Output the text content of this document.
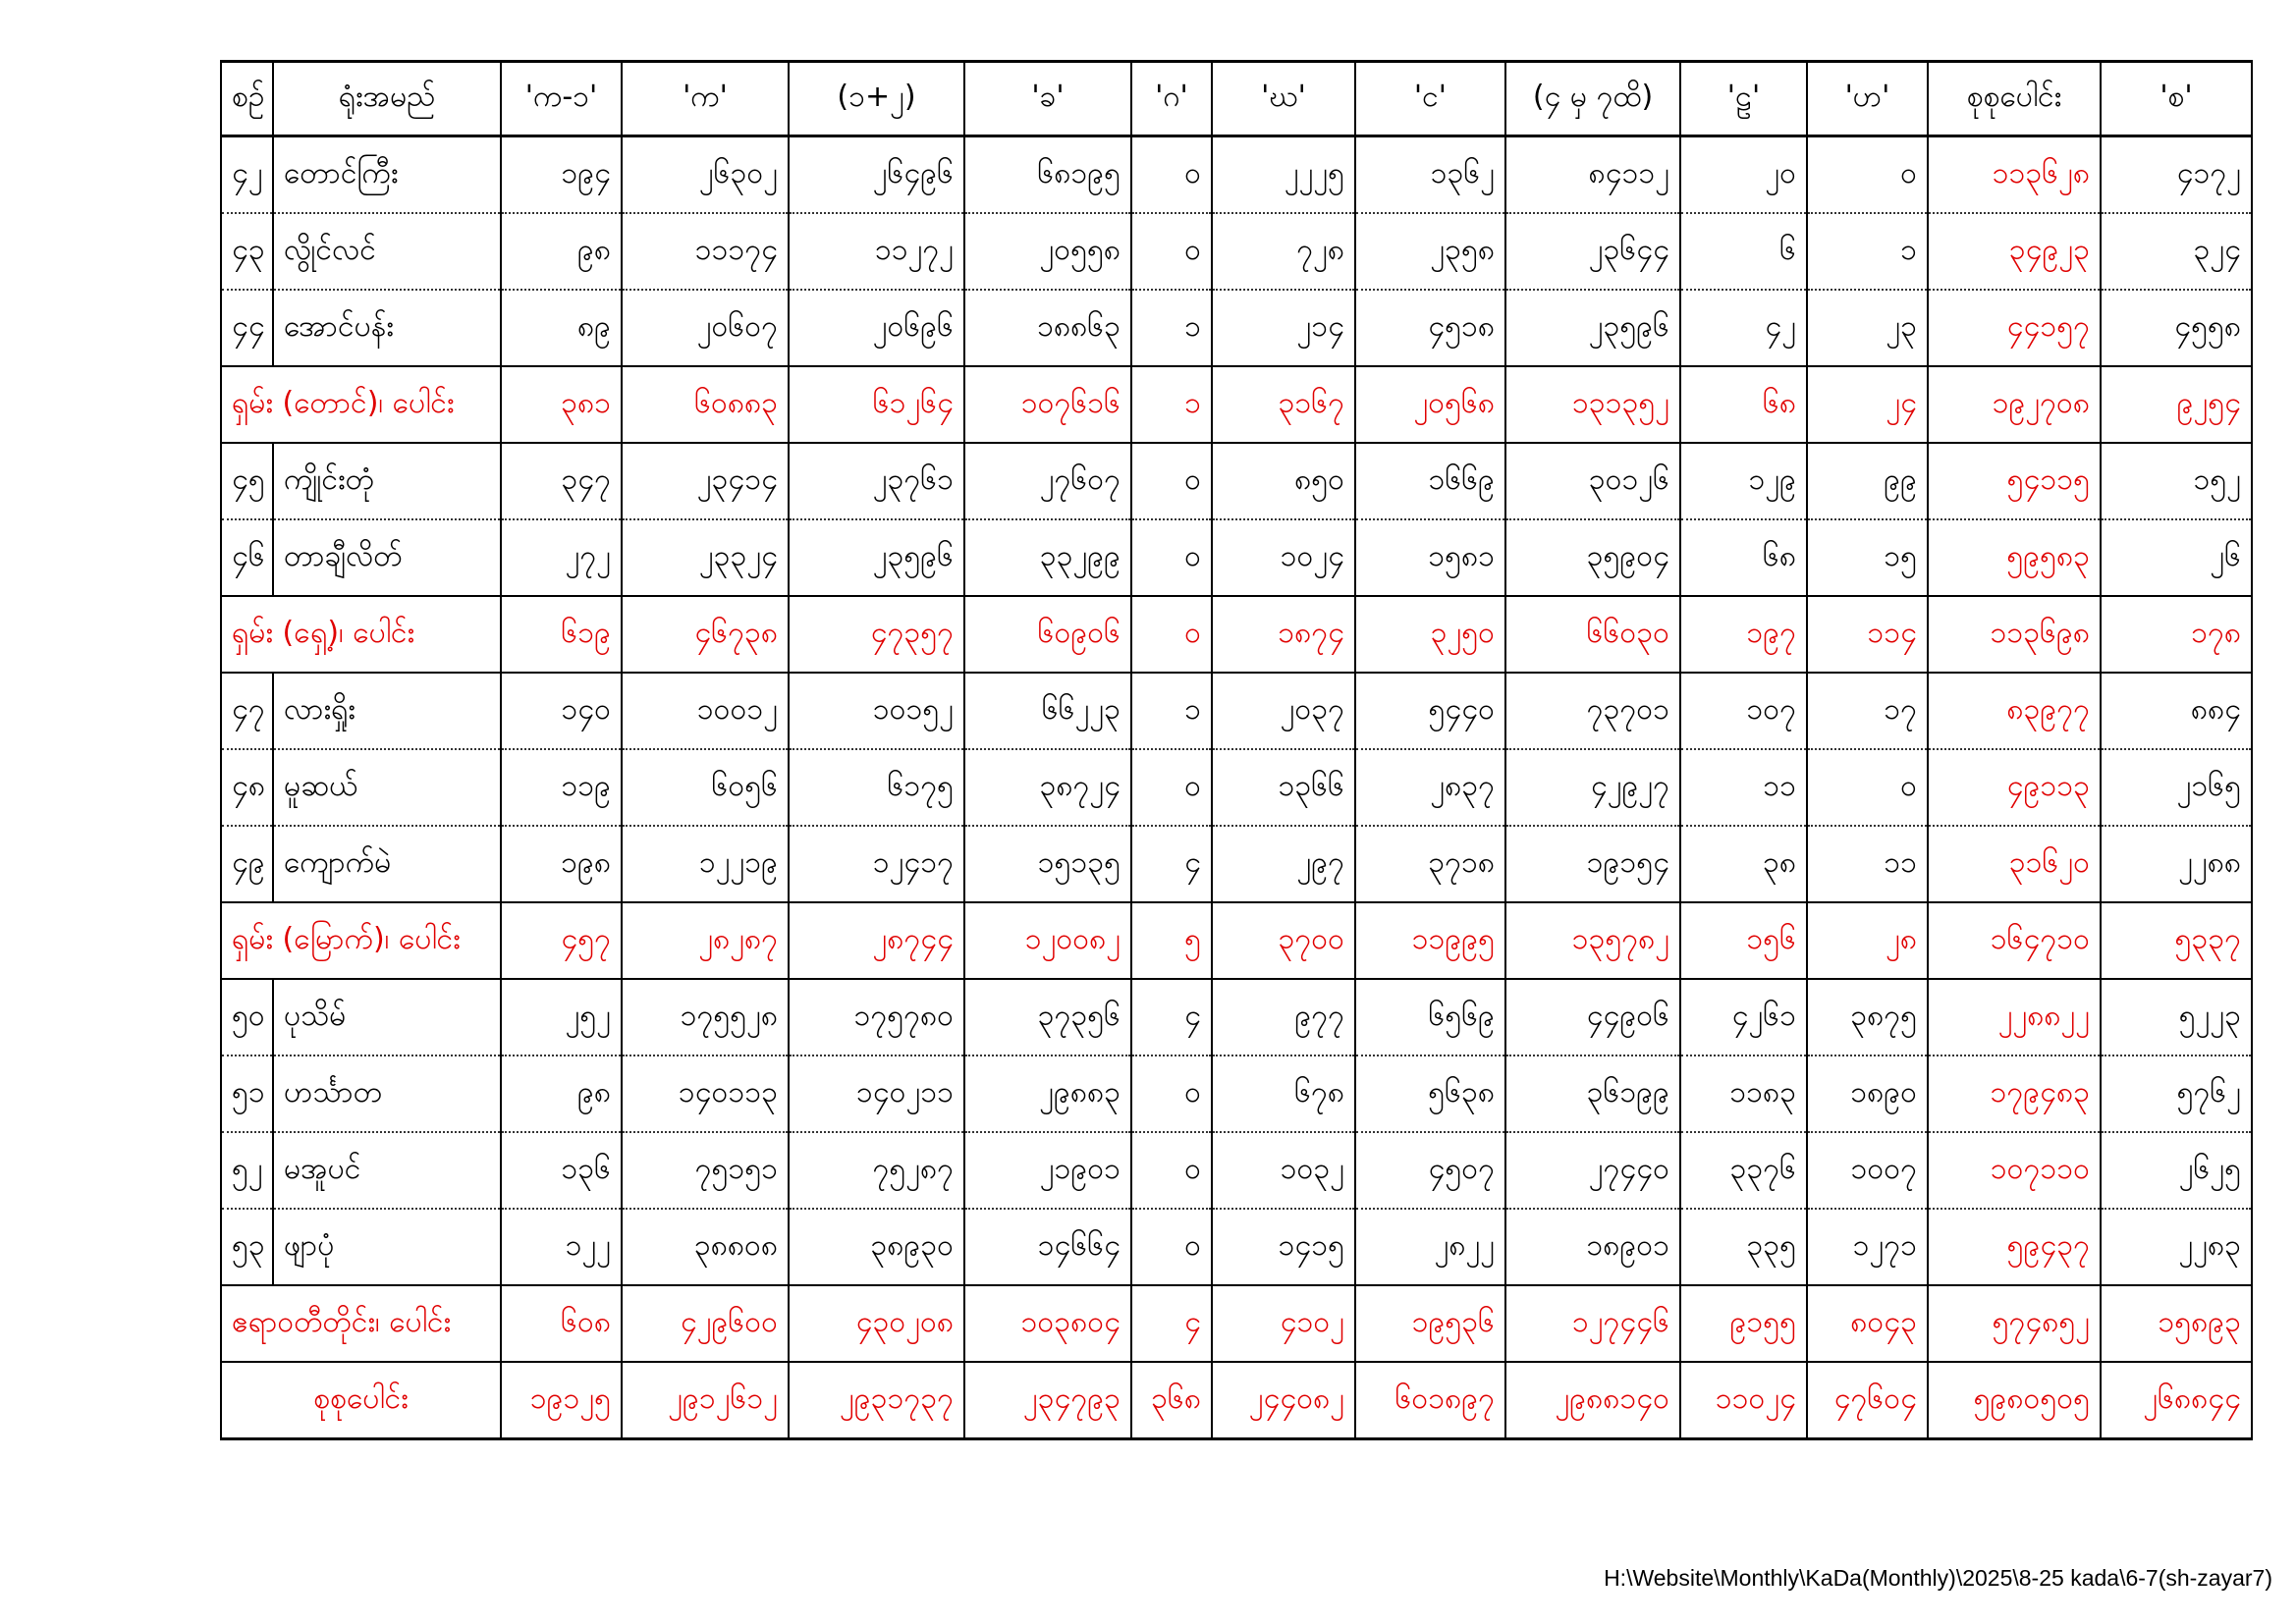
စဉ်	ရုံးအမည်	'က-၁'	'က'	(၁+၂)	'ခ'	'ဂ'	'ဃ'	'င'	(၄ မှ ၇ထိ)	'ဠ'	'ဟ'	စုစုပေါင်း	'စ'
၄၂	တောင်ကြီး	၁၉၄	၂၆၃၀၂	၂၆၄၉၆	၆၈၁၉၅	၀	၂၂၂၅	၁၃၆၂	၈၄၁၁၂	၂၀	၀	၁၁၃၆၂၈	၄၁၇၂
၄၃	လွိုင်လင်	၉၈	၁၁၁၇၄	၁၁၂၇၂	၂၀၅၅၈	၀	၇၂၈	၂၃၅၈	၂၃၆၄၄	၆	၁	၃၄၉၂၃	၃၂၄
၄၄	အောင်ပန်း	၈၉	၂၀၆၀၇	၂၀၆၉၆	၁၈၈၆၃	၁	၂၁၄	၄၅၁၈	၂၃၅၉၆	၄၂	၂၃	၄၄၁၅၇	၄၅၅၈
ရှမ်း (တောင်)၊ ပေါင်း		၃၈၁	၆၀၈၈၃	၆၁၂၆၄	၁၀၇၆၁၆	၁	၃၁၆၇	၂၀၅၆၈	၁၃၁၃၅၂	၆၈	၂၄	၁၉၂၇၀၈	၉၂၅၄
၄၅	ကျိုင်းတုံ	၃၄၇	၂၃၄၁၄	၂၃၇၆၁	၂၇၆၀၇	၀	၈၅၀	၁၆၆၉	၃၀၁၂၆	၁၂၉	၉၉	၅၄၁၁၅	၁၅၂
၄၆	တာချီလိတ်	၂၇၂	၂၃၃၂၄	၂၃၅၉၆	၃၃၂၉၉	၀	၁၀၂၄	၁၅၈၁	၃၅၉၀၄	၆၈	၁၅	၅၉၅၈၃	၂၆
ရှမ်း (ရှေ့)၊ ပေါင်း		၆၁၉	၄၆၇၃၈	၄၇၃၅၇	၆၀၉၀၆	၀	၁၈၇၄	၃၂၅၀	၆၆၀၃၀	၁၉၇	၁၁၄	၁၁၃၆၉၈	၁၇၈
၄၇	လားရှိုး	၁၄၀	၁၀၀၁၂	၁၀၁၅၂	၆၆၂၂၃	၁	၂၀၃၇	၅၄၄၀	၇၃၇၀၁	၁၀၇	၁၇	၈၃၉၇၇	၈၈၄
၄၈	မူဆယ်	၁၁၉	၆၀၅၆	၆၁၇၅	၃၈၇၂၄	၀	၁၃၆၆	၂၈၃၇	၄၂၉၂၇	၁၁	၀	၄၉၁၁၃	၂၁၆၅
၄၉	ကျောက်မဲ	၁၉၈	၁၂၂၁၉	၁၂၄၁၇	၁၅၁၃၅	၄	၂၉၇	၃၇၁၈	၁၉၁၅၄	၃၈	၁၁	၃၁၆၂၀	၂၂၈၈
ရှမ်း (မြောက်)၊ ပေါင်း		၄၅၇	၂၈၂၈၇	၂၈၇၄၄	၁၂၀၀၈၂	၅	၃၇၀၀	၁၁၉၉၅	၁၃၅၇၈၂	၁၅၆	၂၈	၁၆၄၇၁၀	၅၃၃၇
၅၀	ပုသိမ်	၂၅၂	၁၇၅၅၂၈	၁၇၅၇၈၀	၃၇၃၅၆	၄	၉၇၇	၆၅၆၉	၄၄၉၀၆	၄၂၆၁	၃၈၇၅	၂၂၈၈၂၂	၅၂၂၃
၅၁	ဟင်္သာတ	၉၈	၁၄၀၁၁၃	၁၄၀၂၁၁	၂၉၈၈၃	၀	၆၇၈	၅၆၃၈	၃၆၁၉၉	၁၁၈၃	၁၈၉၀	၁၇၉၄၈၃	၅၇၆၂
၅၂	မအူပင်	၁၃၆	၇၅၁၅၁	၇၅၂၈၇	၂၁၉၀၁	၀	၁၀၃၂	၄၅၀၇	၂၇၄၄၀	၃၃၇၆	၁၀၀၇	၁၀၇၁၁၀	၂၆၂၅
၅၃	ဖျာပုံ	၁၂၂	၃၈၈၀၈	၃၈၉၃၀	၁၄၆၆၄	၀	၁၄၁၅	၂၈၂၂	၁၈၉၀၁	၃၃၅	၁၂၇၁	၅၉၄၃၇	၂၂၈၃
ဧရာဝတီတိုင်း၊ ပေါင်း		၆၀၈	၄၂၉၆၀၀	၄၃၀၂၀၈	၁၀၃၈၀၄	၄	၄၁၀၂	၁၉၅၃၆	၁၂၇၄၄၆	၉၁၅၅	၈၀၄၃	၅၇၄၈၅၂	၁၅၈၉၃
စုစုပေါင်း		၁၉၁၂၅	၂၉၁၂၆၁၂	၂၉၃၁၇၃၇	၂၃၄၇၉၃	၃၆၈	၂၄၄၀၈၂	၆၀၁၈၉၇	၂၉၈၈၁၄၀	၁၁၀၂၄	၄၇၆၀၄	၅၉၈၀၅၀၅	၂၆၈၈၄၄
H:\Website\Monthly\KaDa(Monthly)\2025\8-25 kada\6-7(sh-zayar7)
